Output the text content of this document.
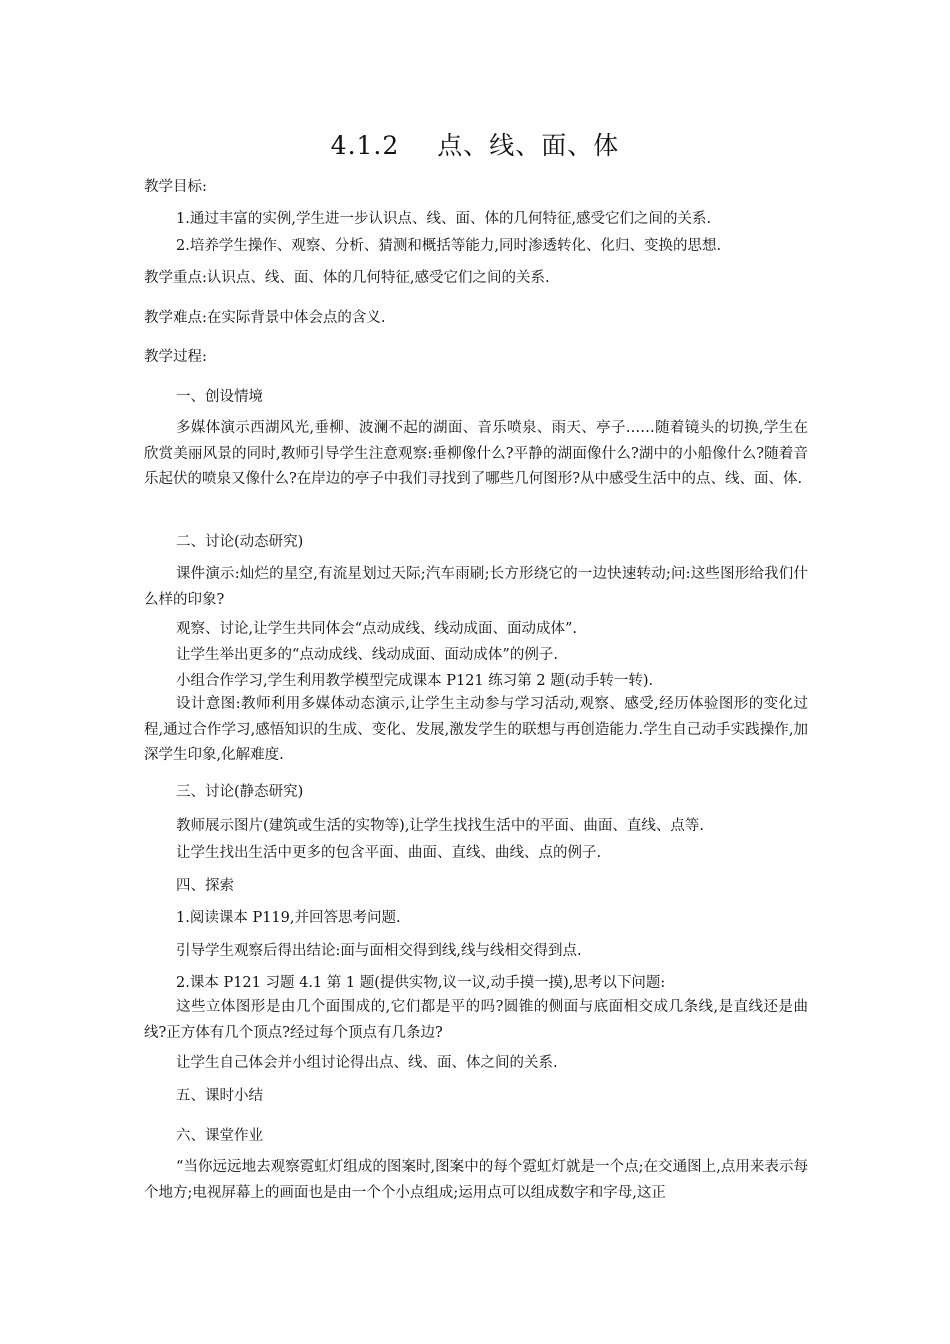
4.1.2 点、线、面、体
教学目标:
1.通过丰富的实例,学生进一步认识点、线、面、体的几何特征,感受它们之间的关系.
2.培养学生操作、观察、分析、猜测和概括等能力,同时渗透转化、化归、变换的思想.
教学重点:认识点、线、面、体的几何特征,感受它们之间的关系.
教学难点:在实际背景中体会点的含义.
教学过程:
一、创设情境
多媒体演示西湖风光,垂柳、波澜不起的湖面、音乐喷泉、雨天、亭子……随着镜头的切换,学生在欣赏美丽风景的同时,教师引导学生注意观察:垂柳像什么?平静的湖面像什么?湖中的小船像什么?随着音乐起伏的喷泉又像什么?在岸边的亭子中我们寻找到了哪些几何图形?从中感受生活中的点、线、面、体.
二、讨论(动态研究)
课件演示:灿烂的星空,有流星划过天际;汽车雨刷;长方形绕它的一边快速转动;问:这些图形给我们什么样的印象?
观察、讨论,让学生共同体会“点动成线、线动成面、面动成体”.
让学生举出更多的“点动成线、线动成面、面动成体”的例子.
小组合作学习,学生利用教学模型完成课本 P121 练习第 2 题(动手转一转).
设计意图:教师利用多媒体动态演示,让学生主动参与学习活动,观察、感受,经历体验图形的变化过程,通过合作学习,感悟知识的生成、变化、发展,激发学生的联想与再创造能力.学生自己动手实践操作,加深学生印象,化解难度.
三、讨论(静态研究)
教师展示图片(建筑或生活的实物等),让学生找找生活中的平面、曲面、直线、点等.
让学生找出生活中更多的包含平面、曲面、直线、曲线、点的例子.
四、探索
1.阅读课本 P119,并回答思考问题.
引导学生观察后得出结论:面与面相交得到线,线与线相交得到点.
2.课本 P121 习题 4.1 第 1 题(提供实物,议一议,动手摸一摸),思考以下问题:
这些立体图形是由几个面围成的,它们都是平的吗?圆锥的侧面与底面相交成几条线,是直线还是曲线?正方体有几个顶点?经过每个顶点有几条边?
让学生自己体会并小组讨论得出点、线、面、体之间的关系.
五、课时小结
六、课堂作业
“当你远远地去观察霓虹灯组成的图案时,图案中的每个霓虹灯就是一个点;在交通图上,点用来表示每个地方;电视屏幕上的画面也是由一个个小点组成;运用点可以组成数字和字母,这正
